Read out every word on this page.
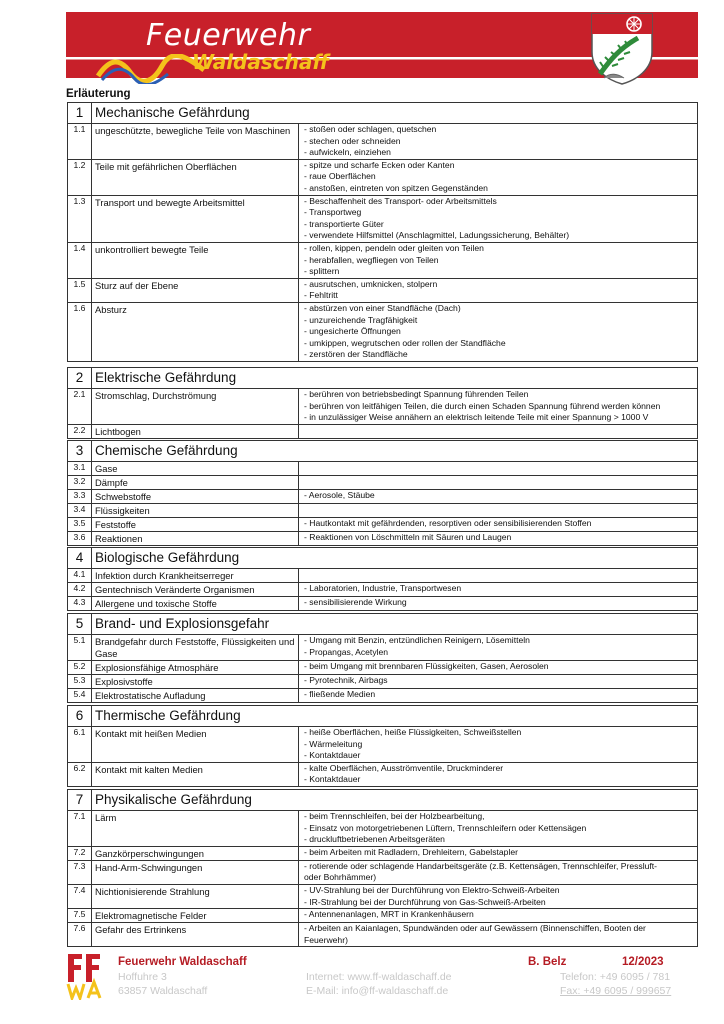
Feuerwehr
Waldaschaff
Erläuterung
1	Mechanische Gefährdung	
1.1	ungeschützte, bewegliche Teile von Maschinen	- stoßen oder schlagen, quetschen
- stechen oder schneiden
- aufwickeln, einziehen

1.2	Teile mit gefährlichen Oberflächen	- spitze und scharfe Ecken oder Kanten
- raue Oberflächen
- anstoßen, eintreten von spitzen Gegenständen

1.3	Transport und bewegte Arbeitsmittel	- Beschaffenheit des Transport- oder Arbeitsmittels
- Transportweg
- transportierte Güter
- verwendete Hilfsmittel (Anschlagmittel, Ladungssicherung, Behälter)

1.4	unkontrolliert bewegte Teile	- rollen, kippen, pendeln oder gleiten von Teilen
- herabfallen, wegfliegen von Teilen
- splittern

1.5	Sturz auf der Ebene	- ausrutschen, umknicken, stolpern
- Fehltritt

1.6	Absturz	- abstürzen von einer Standfläche (Dach)
- unzureichende Tragfähigkeit
- ungesicherte Öffnungen
- umkippen, wegrutschen oder rollen der Standfläche
- zerstören der Standfläche
2	Elektrische Gefährdung	
2.1	Stromschlag, Durchströmung	- berühren von betriebsbedingt Spannung führenden Teilen
- berühren von leitfähigen Teilen, die durch einen Schaden Spannung führend werden können
- in unzulässiger Weise annähern an elektrisch leitende Teile mit einer Spannung > 1000 V

2.2	Lichtbogen	
3	Chemische Gefährdung	
3.1	Gase	
3.2	Dämpfe	
3.3	Schwebstoffe	- Aerosole, Stäube

3.4	Flüssigkeiten	
3.5	Feststoffe	- Hautkontakt mit gefährdenden, resorptiven oder sensibilisierenden Stoffen

3.6	Reaktionen	- Reaktionen von Löschmitteln mit Säuren und Laugen
4	Biologische Gefährdung	
4.1	Infektion durch Krankheitserreger	
4.2	Gentechnisch Veränderte Organismen	- Laboratorien, Industrie, Transportwesen

4.3	Allergene und toxische Stoffe	- sensibilisierende Wirkung
5	Brand- und Explosionsgefahr	
5.1	Brandgefahr durch Feststoffe, Flüssigkeiten und Gase	- Umgang mit Benzin, entzündlichen Reinigern, Lösemitteln
- Propangas, Acetylen

5.2	Explosionsfähige Atmosphäre	- beim Umgang mit brennbaren Flüssigkeiten, Gasen, Aerosolen

5.3	Explosivstoffe	- Pyrotechnik, Airbags

5.4	Elektrostatische Aufladung	- fließende Medien
6	Thermische Gefährdung	
6.1	Kontakt mit heißen Medien	- heiße Oberflächen, heiße Flüssigkeiten, Schweißstellen
- Wärmeleitung
- Kontaktdauer

6.2	Kontakt mit kalten Medien	- kalte Oberflächen, Ausströmventile, Druckminderer
- Kontaktdauer
7	Physikalische Gefährdung	
7.1	Lärm	- beim Trennschleifen, bei der Holzbearbeitung,
- Einsatz von motorgetriebenen Lüftern, Trennschleifern oder Kettensägen
- druckluftbetriebenen Arbeitsgeräten

7.2	Ganzkörperschwingungen	- beim Arbeiten mit Radladern, Drehleitern, Gabelstapler

7.3	Hand-Arm-Schwingungen	- rotierende oder schlagende Handarbeitsgeräte (z.B. Kettensägen, Trennschleifer, Pressluft-
oder Bohrhämmer)

7.4	Nichtionisierende Strahlung	- UV-Strahlung bei der Durchführung von Elektro-Schweiß-Arbeiten
- IR-Strahlung bei der Durchführung von Gas-Schweiß-Arbeiten

7.5	Elektromagnetische Felder	- Antennenanlagen, MRT in Krankenhäusern

7.6	Gefahr des Ertrinkens	- Arbeiten an Kaianlagen, Spundwänden oder auf Gewässern (Binnenschiffen, Booten der
Feuerwehr)
Feuerwehr Waldaschaff
Hoffuhre 3
63857 Waldaschaff
Internet: www.ff-waldaschaff.de
E-Mail: info@ff-waldaschaff.de
B. Belz	12/2023
Telefon: +49 6095 / 781
Fax: +49 6095 / 999657
